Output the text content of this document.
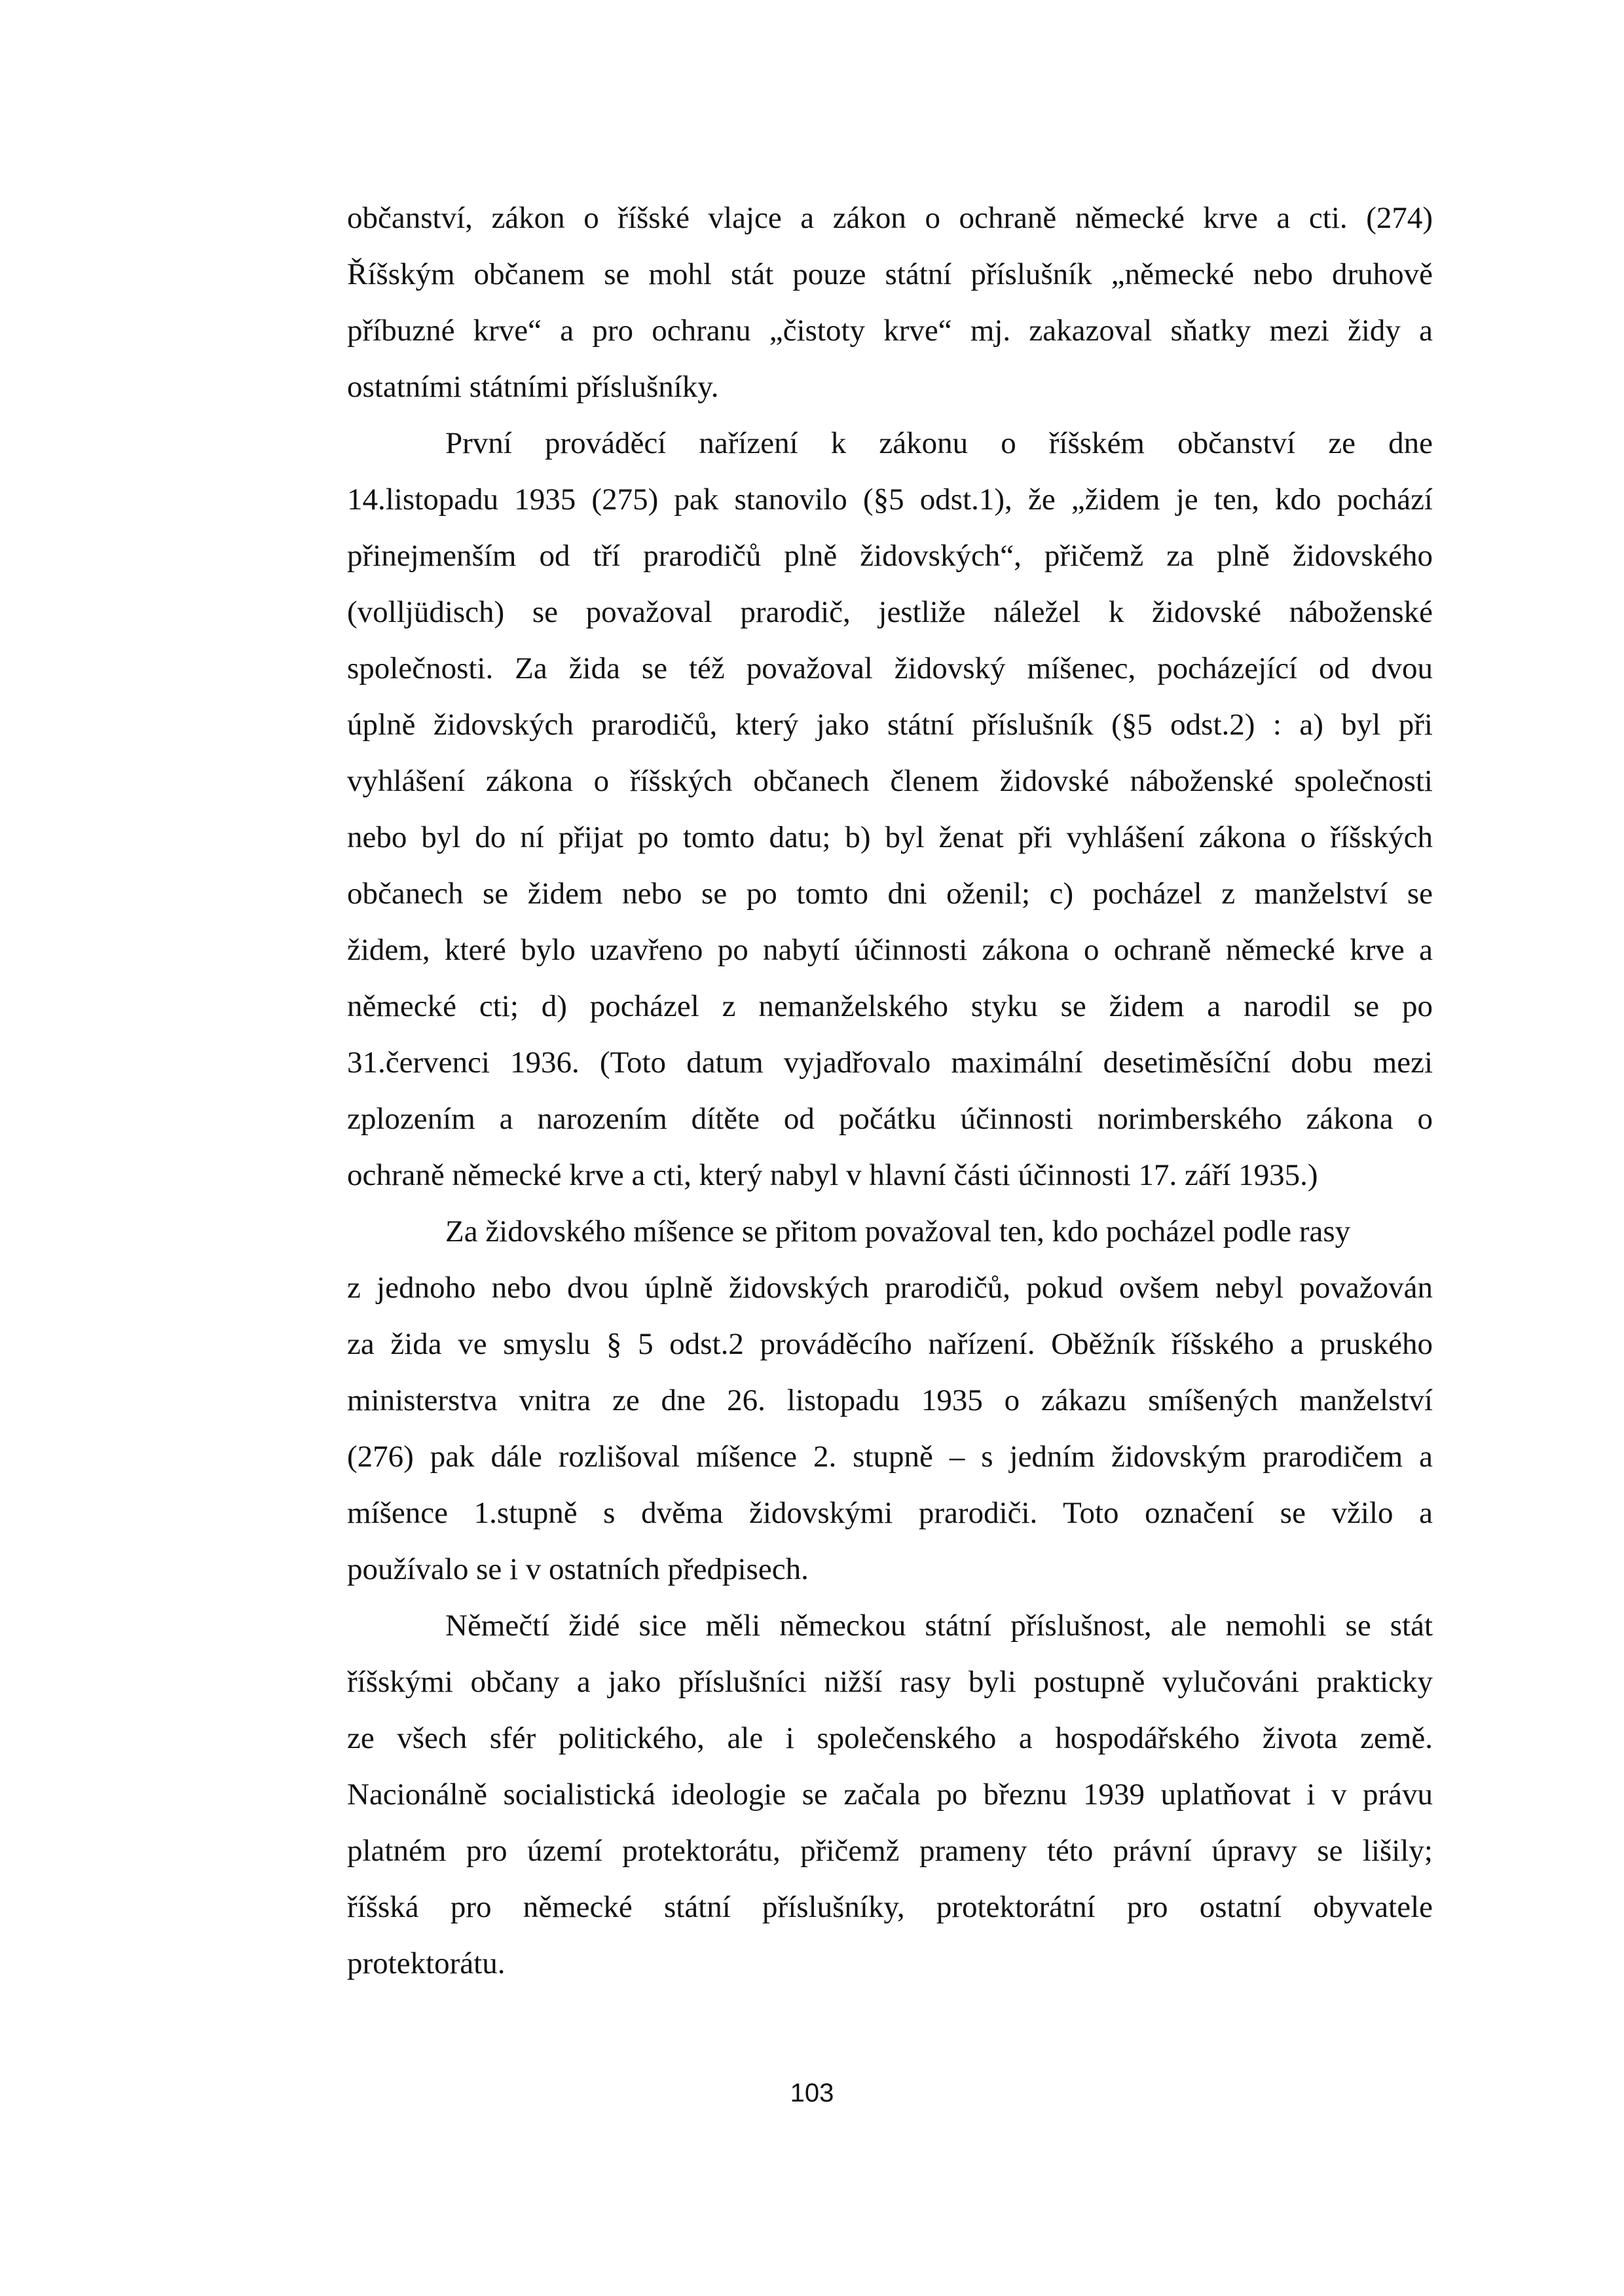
občanství, zákon o říšské vlajce a zákon o ochraně německé krve a cti. (274)
Říšským občanem se mohl stát pouze státní příslušník „německé nebo druhově
příbuzné krve“ a pro ochranu „čistoty krve“ mj. zakazoval sňatky mezi židy a
ostatními státními příslušníky.
První prováděcí nařízení k zákonu o říšském občanství ze dne
14.listopadu 1935 (275) pak stanovilo (§5 odst.1), že „židem je ten, kdo pochází
přinejmenším od tří prarodičů plně židovských“, přičemž za plně židovského
(volljüdisch) se považoval prarodič, jestliže náležel k židovské náboženské
společnosti. Za žida se též považoval židovský míšenec, pocházející od dvou
úplně židovských prarodičů, který jako státní příslušník (§5 odst.2) : a) byl při
vyhlášení zákona o říšských občanech členem židovské náboženské společnosti
nebo byl do ní přijat po tomto datu; b) byl ženat při vyhlášení zákona o říšských
občanech se židem nebo se po tomto dni oženil; c) pocházel z manželství se
židem, které bylo uzavřeno po nabytí účinnosti zákona o ochraně německé krve a
německé cti; d) pocházel z nemanželského styku se židem a narodil se po
31.červenci 1936. (Toto datum vyjadřovalo maximální desetiměsíční dobu mezi
zplozením a narozením dítěte od počátku účinnosti norimberského zákona o
ochraně německé krve a cti, který nabyl v hlavní části účinnosti 17. září 1935.)
Za židovského míšence se přitom považoval ten, kdo pocházel podle rasy
z jednoho nebo dvou úplně židovských prarodičů, pokud ovšem nebyl považován
za žida ve smyslu § 5 odst.2 prováděcího nařízení. Oběžník říšského a pruského
ministerstva vnitra ze dne 26. listopadu 1935 o zákazu smíšených manželství
(276) pak dále rozlišoval míšence 2. stupně – s jedním židovským prarodičem a
míšence 1.stupně s dvěma židovskými prarodiči. Toto označení se vžilo a
používalo se i v ostatních předpisech.
Němečtí židé sice měli německou státní příslušnost, ale nemohli se stát
říšskými občany a jako příslušníci nižší rasy byli postupně vylučováni prakticky
ze všech sfér politického, ale i společenského a hospodářského života země.
Nacionálně socialistická ideologie se začala po březnu 1939 uplatňovat i v právu
platném pro území protektorátu, přičemž prameny této právní úpravy se lišily;
říšská pro německé státní příslušníky, protektorátní pro ostatní obyvatele
protektorátu.
103
